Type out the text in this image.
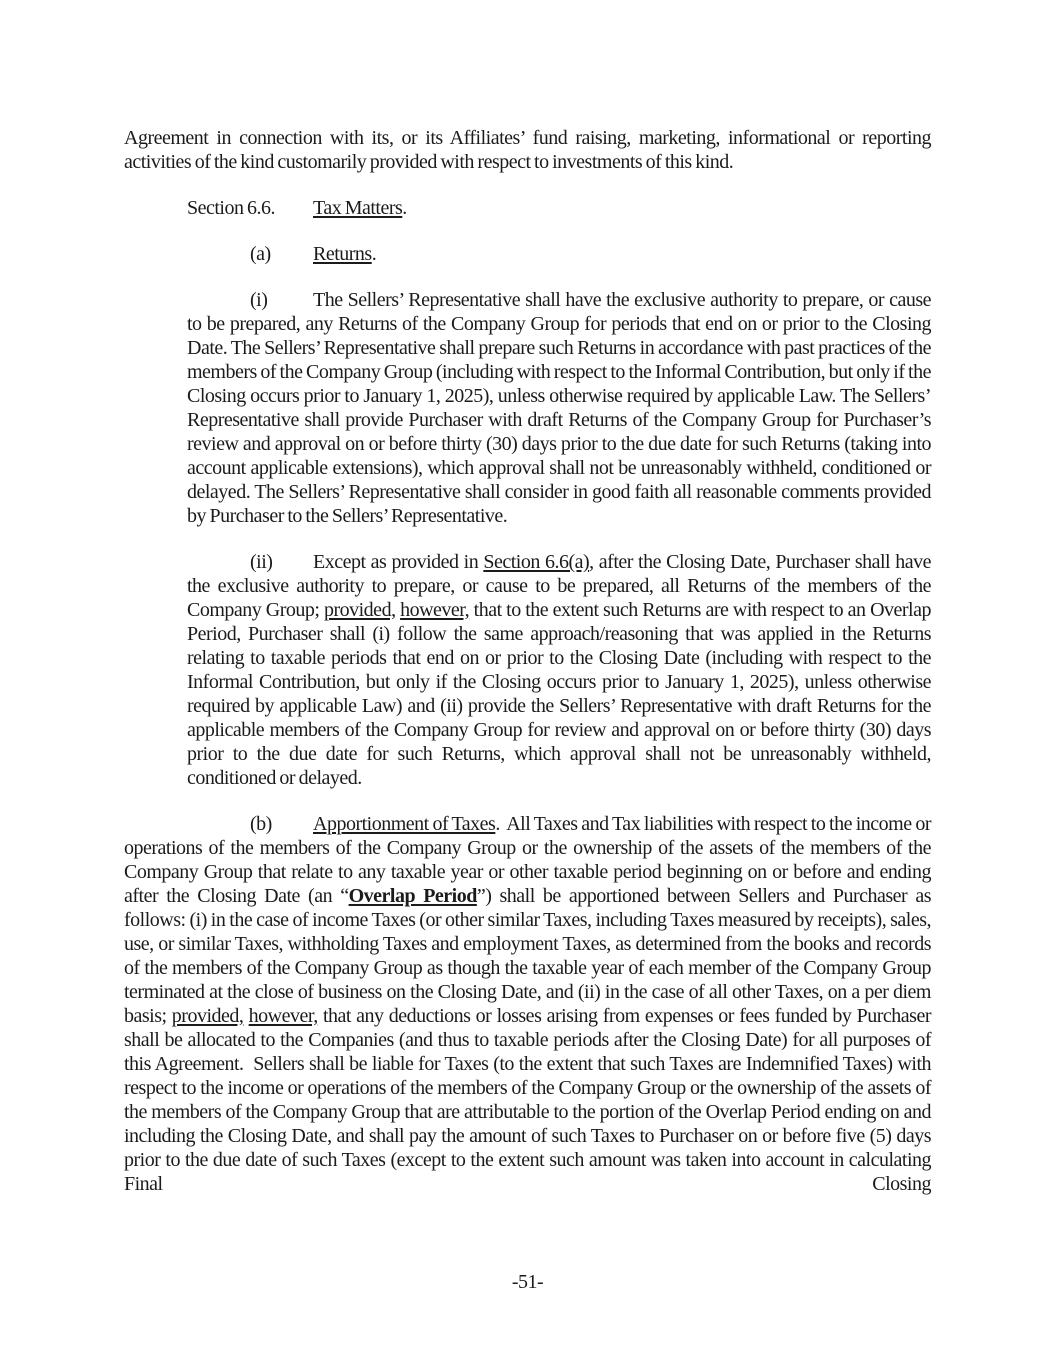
Agreement in connection with its, or its Affiliates’ fund raising, marketing, informational or reporting activities of the kind customarily provided with respect to investments of this kind.

Section 6.6. Tax Matters.

(a) Returns.

(i) The Sellers’ Representative shall have the exclusive authority to prepare, or cause to be prepared, any Returns of the Company Group for periods that end on or prior to the Closing Date. The Sellers’ Representative shall prepare such Returns in accordance with past practices of the members of the Company Group (including with respect to the Informal Contribution, but only if the Closing occurs prior to January 1, 2025), unless otherwise required by applicable Law. The Sellers’ Representative shall provide Purchaser with draft Returns of the Company Group for Purchaser’s review and approval on or before thirty (30) days prior to the due date for such Returns (taking into account applicable extensions), which approval shall not be unreasonably withheld, conditioned or delayed. The Sellers’ Representative shall consider in good faith all reasonable comments provided by Purchaser to the Sellers’ Representative.

(ii) Except as provided in Section 6.6(a), after the Closing Date, Purchaser shall have the exclusive authority to prepare, or cause to be prepared, all Returns of the members of the Company Group; provided, however, that to the extent such Returns are with respect to an Overlap Period, Purchaser shall (i) follow the same approach/reasoning that was applied in the Returns relating to taxable periods that end on or prior to the Closing Date (including with respect to the Informal Contribution, but only if the Closing occurs prior to January 1, 2025), unless otherwise required by applicable Law) and (ii) provide the Sellers’ Representative with draft Returns for the applicable members of the Company Group for review and approval on or before thirty (30) days prior to the due date for such Returns, which approval shall not be unreasonably withheld, conditioned or delayed.

(b) Apportionment of Taxes.  All Taxes and Tax liabilities with respect to the income or operations of the members of the Company Group or the ownership of the assets of the members of the Company Group that relate to any taxable year or other taxable period beginning on or before and ending after the Closing Date (an “Overlap Period”) shall be apportioned between Sellers and Purchaser as follows: (i) in the case of income Taxes (or other similar Taxes, including Taxes measured by receipts), sales, use, or similar Taxes, withholding Taxes and employment Taxes, as determined from the books and records of the members of the Company Group as though the taxable year of each member of the Company Group terminated at the close of business on the Closing Date, and (ii) in the case of all other Taxes, on a per diem basis; provided, however, that any deductions or losses arising from expenses or fees funded by Purchaser shall be allocated to the Companies (and thus to taxable periods after the Closing Date) for all purposes of this Agreement.  Sellers shall be liable for Taxes (to the extent that such Taxes are Indemnified Taxes) with respect to the income or operations of the members of the Company Group or the ownership of the assets of the members of the Company Group that are attributable to the portion of the Overlap Period ending on and including the Closing Date, and shall pay the amount of such Taxes to Purchaser on or before five (5) days prior to the due date of such Taxes (except to the extent such amount was taken into account in calculating Final Closing

-51-
